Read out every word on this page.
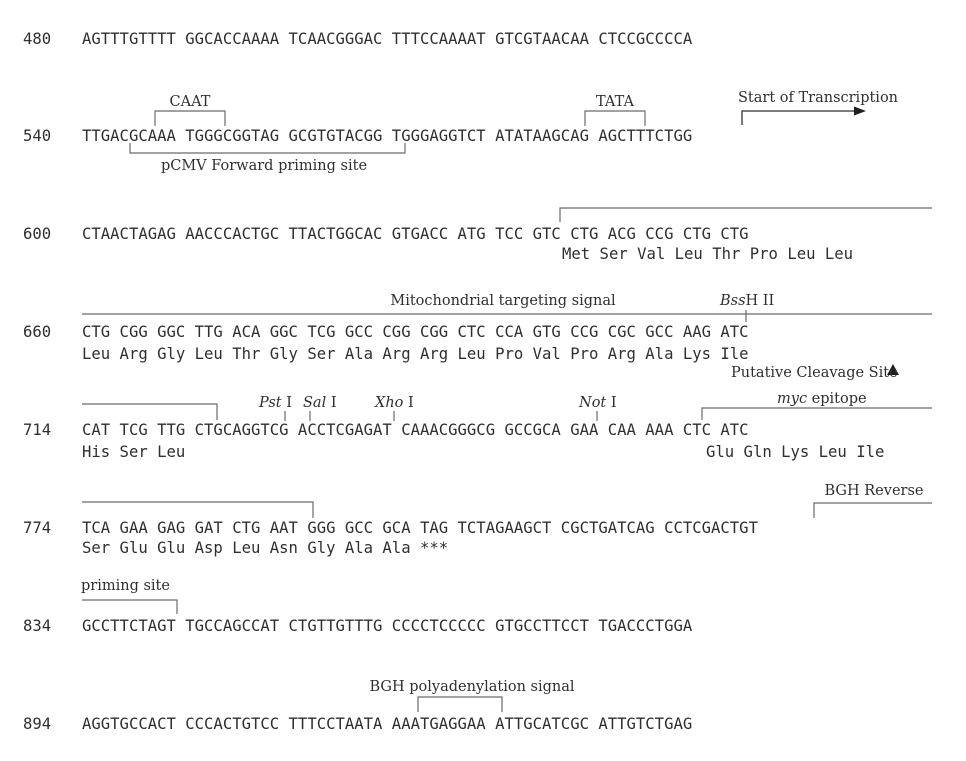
480 AGTTTGTTTT GGCACCAAAA TCAACGGGAC TTTCCAAAAT GTCGTAACAA CTCCGCCCCA
540 TTGACGCAAA TGGGCGGTAG GCGTGTACGG TGGGAGGTCT ATATAAGCAG AGCTTTCTGG
CAAT	TATA	Start of Transcription
pCMV Forward priming site
600 CTAACTAGAG AACCCACTGC TTACTGGCAC GTGACC ATG TCC GTC CTG ACG CCG CTG CTG
Met Ser Val Leu Thr Pro Leu Leu
Mitochondrial targeting signal	BssH II
660 CTG CGG GGC TTG ACA GGC TCG GCC CGG CGG CTC CCA GTG CCG CGC GCC AAG ATC
Leu Arg Gly Leu Thr Gly Ser Ala Arg Arg Leu Pro Val Pro Arg Ala Lys Ile
Putative Cleavage Site
Pst I Sal I	Xho I	Not I	myc epitope
714 CAT TCG TTG CTGCAGGTCG ACCTCGAGAT CAAACGGGCG GCCGCA GAA CAA AAA CTC ATC
His Ser Leu	Glu Gln Lys Leu Ile
BGH Reverse
774 TCA GAA GAG GAT CTG AAT GGG GCC GCA TAG TCTAGAAGCT CGCTGATCAG CCTCGACTGT
Ser Glu Glu Asp Leu Asn Gly Ala Ala ***
priming site
834 GCCTTCTAGT TGCCAGCCAT CTGTTGTTTG CCCCTCCCCC GTGCCTTCCT TGACCCTGGA
BGH polyadenylation signal
894 AGGTGCCACT CCCACTGTCC TTTCCTAATA AAATGAGGAA ATTGCATCGC ATTGTCTGAG
